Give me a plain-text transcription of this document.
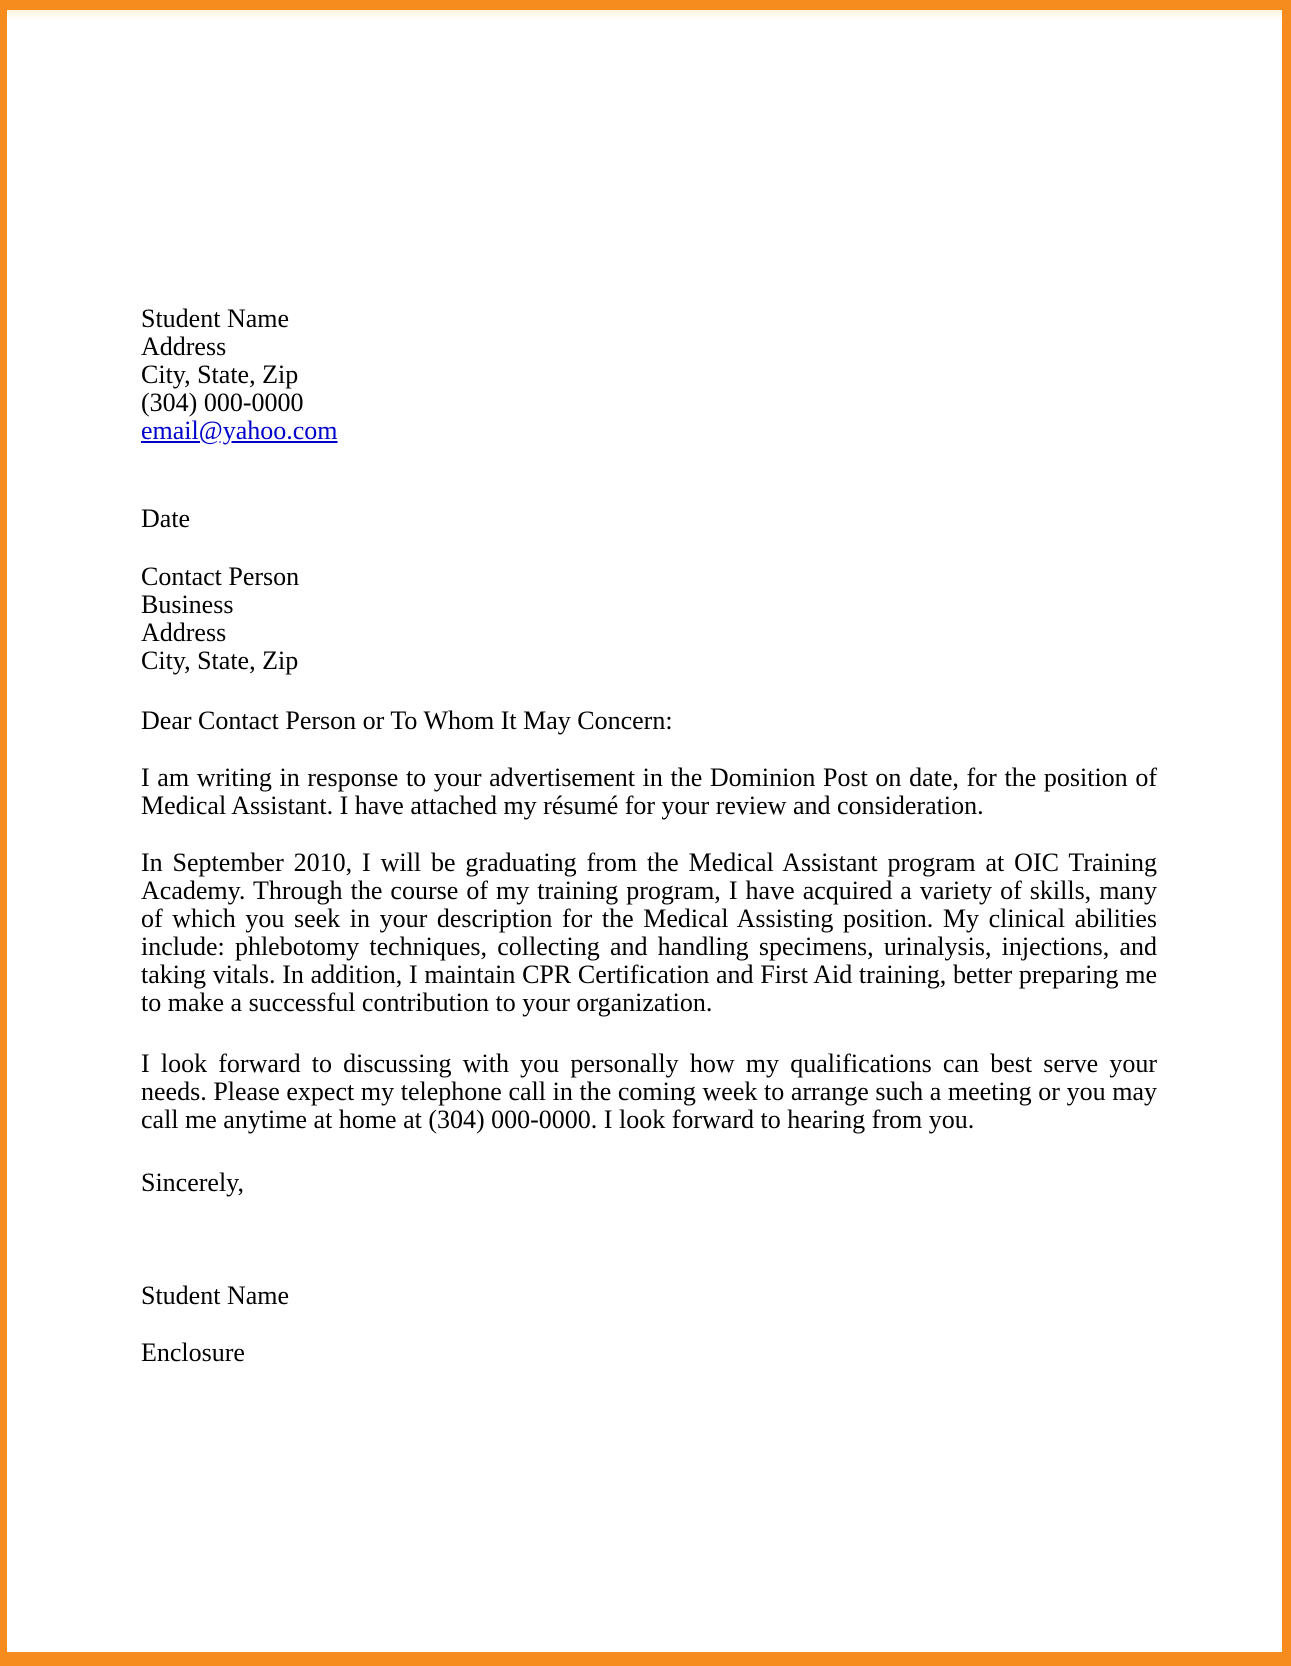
Student Name
Address
City, State, Zip
(304) 000-0000
email@yahoo.com
Date
Contact Person
Business
Address
City, State, Zip
Dear Contact Person or To Whom It May Concern:

I am writing in response to your advertisement in the Dominion Post on date, for the position of Medical Assistant. I have attached my résumé for your review and consideration.

In September 2010, I will be graduating from the Medical Assistant program at OIC Training Academy. Through the course of my training program, I have acquired a variety of skills, many of which you seek in your description for the Medical Assisting position. My clinical abilities include: phlebotomy techniques, collecting and handling specimens, urinalysis, injections, and taking vitals. In addition, I maintain CPR Certification and First Aid training, better preparing me to make a successful contribution to your organization.

I look forward to discussing with you personally how my qualifications can best serve your needs. Please expect my telephone call in the coming week to arrange such a meeting or you may call me anytime at home at (304) 000-0000. I look forward to hearing from you.

Sincerely,
Student Name
Enclosure
